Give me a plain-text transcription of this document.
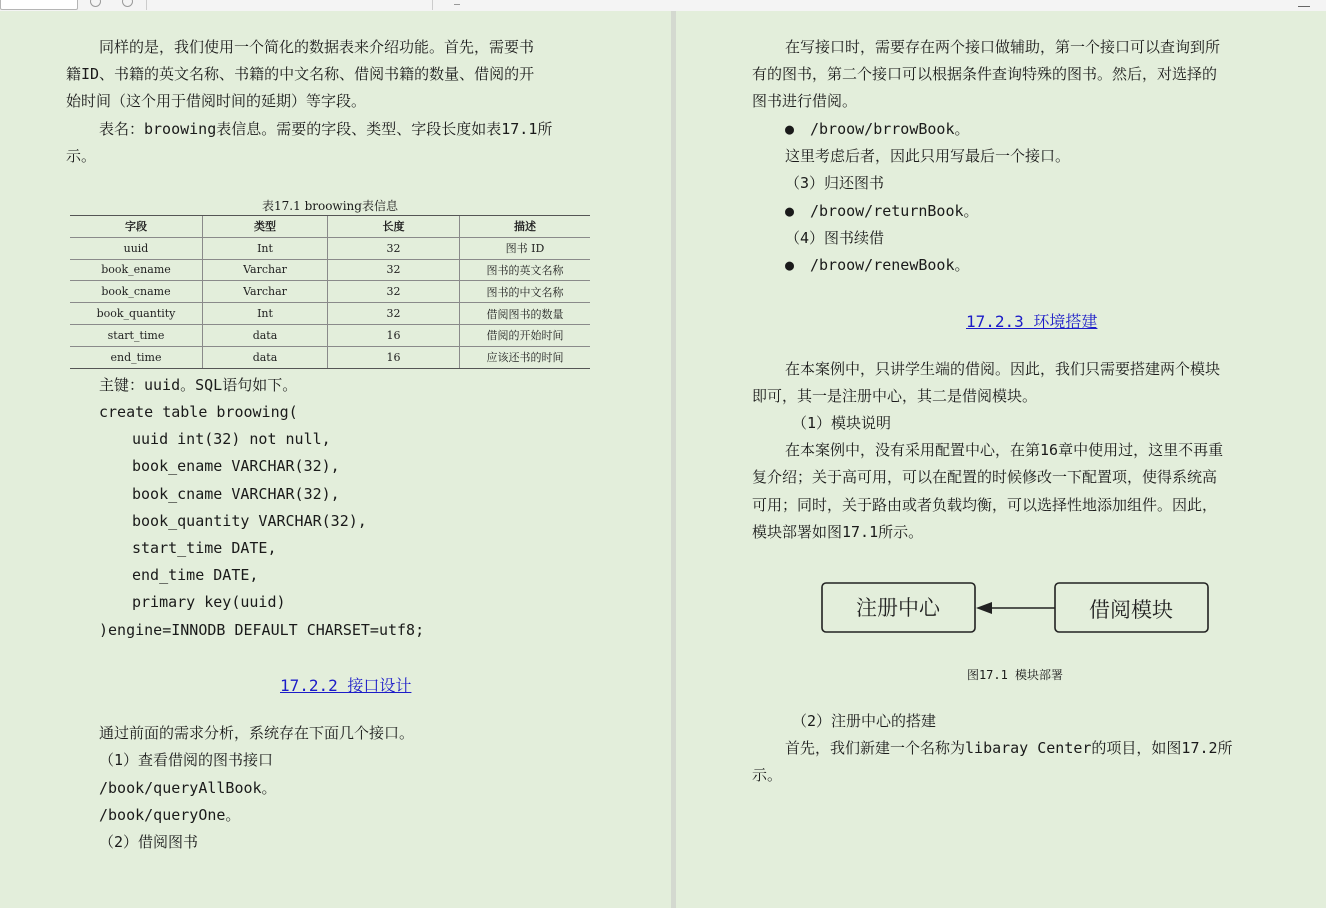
同样的是，我们使用一个简化的数据表来介绍功能。首先，需要书
籍ID、书籍的英文名称、书籍的中文名称、借阅书籍的数量、借阅的开
始时间（这个用于借阅时间的延期）等字段。
表名：broowing表信息。需要的字段、类型、字段长度如表17.1所
示。
表17.1 broowing表信息
字段	类型	长度	描述
uuid	Int	32	图书 ID
book_ename	Varchar	32	图书的英文名称
book_cname	Varchar	32	图书的中文名称
book_quantity	Int	32	借阅图书的数量
start_time	data	16	借阅的开始时间
end_time	data	16	应该还书的时间
主键：uuid。SQL语句如下。
create table broowing(
uuid int(32) not null,
book_ename VARCHAR(32),
book_cname VARCHAR(32),
book_quantity VARCHAR(32),
start_time DATE,
end_time DATE,
primary key(uuid)
)engine=INNODB DEFAULT CHARSET=utf8;
17.2.2 接口设计
通过前面的需求分析，系统存在下面几个接口。
（1）查看借阅的图书接口
/book/queryAllBook。
/book/queryOne。
（2）借阅图书
在写接口时，需要存在两个接口做辅助，第一个接口可以查询到所
有的图书，第二个接口可以根据条件查询特殊的图书。然后，对选择的
图书进行借阅。
● /broow/brrowBook。
这里考虑后者，因此只用写最后一个接口。
（3）归还图书
● /broow/returnBook。
（4）图书续借
● /broow/renewBook。
17.2.3 环境搭建
在本案例中，只讲学生端的借阅。因此，我们只需要搭建两个模块
即可，其一是注册中心，其二是借阅模块。
（1）模块说明
在本案例中，没有采用配置中心，在第16章中使用过，这里不再重
复介绍；关于高可用，可以在配置的时候修改一下配置项，使得系统高
可用；同时，关于路由或者负载均衡，可以选择性地添加组件。因此，
模块部署如图17.1所示。
注册中心	借阅模块
图17.1 模块部署
（2）注册中心的搭建
首先，我们新建一个名称为libaray Center的项目，如图17.2所
示。
